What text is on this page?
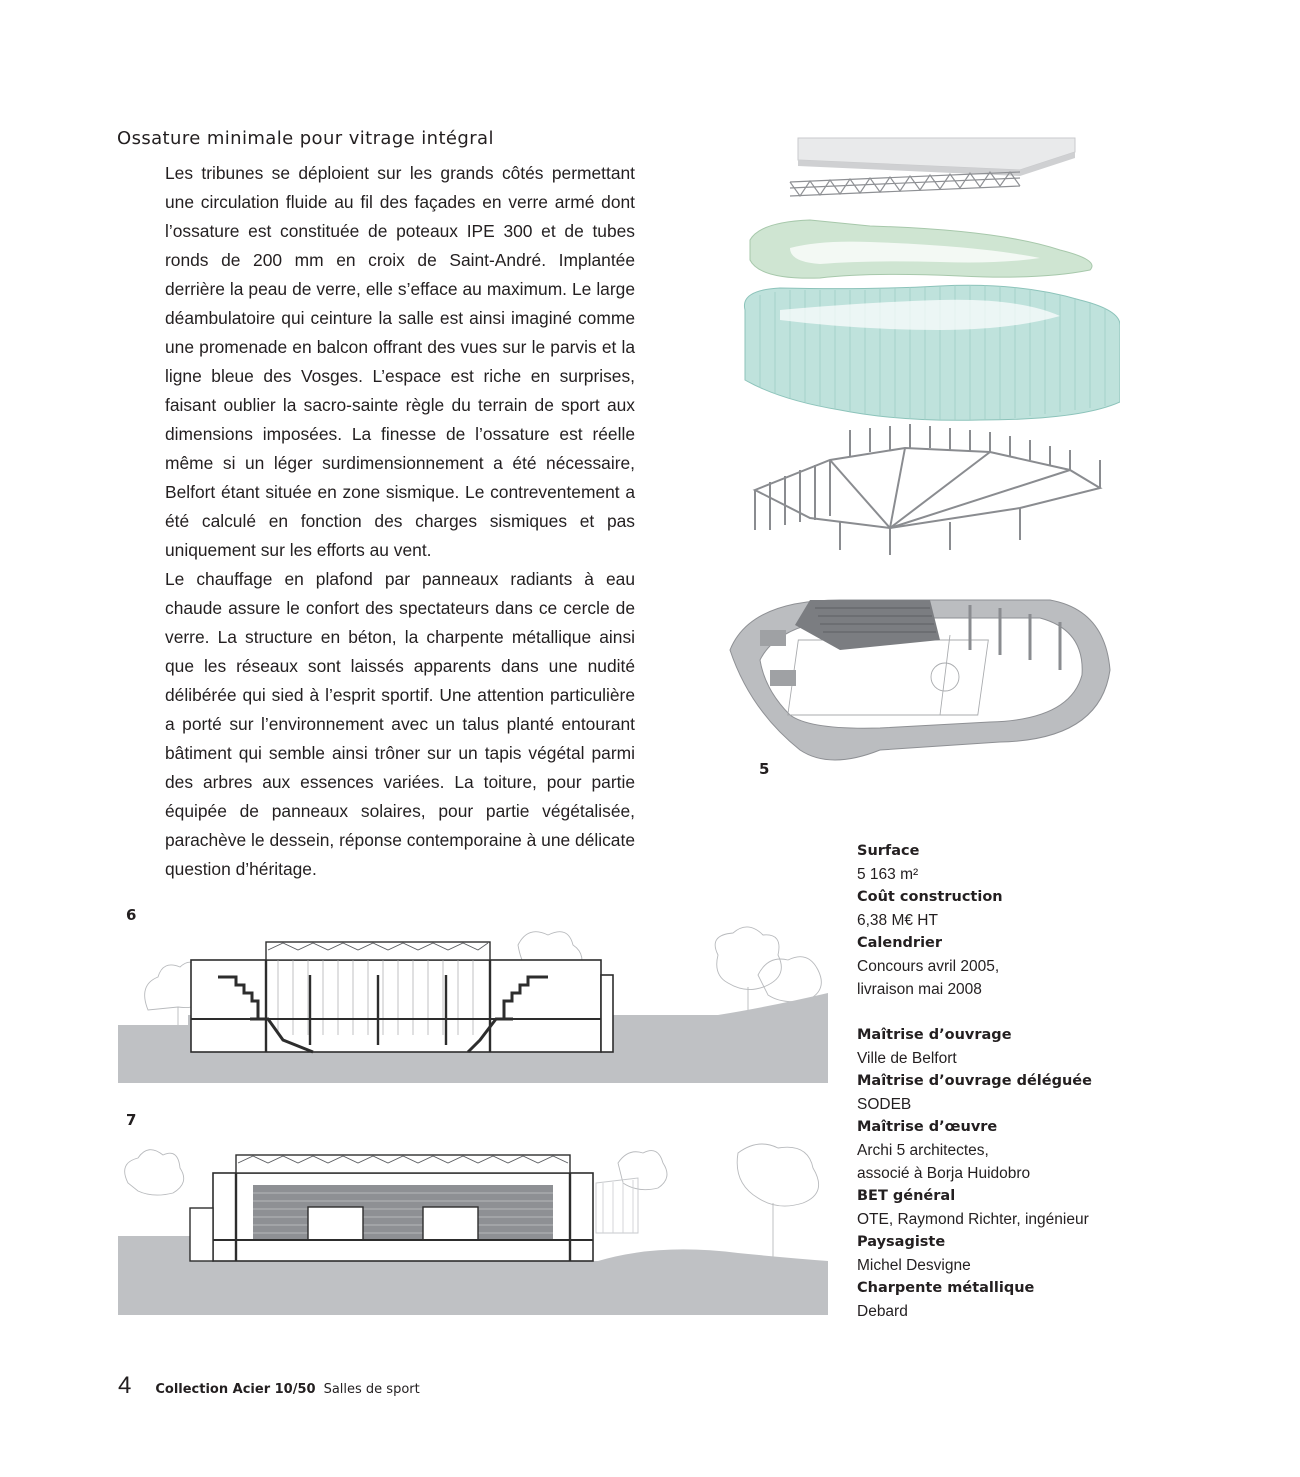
Ossature minimale pour vitrage intégral

Les tribunes se déploient sur les grands côtés permettant une circulation fluide au fil des façades en verre armé dont l’ossature est constituée de poteaux IPE 300 et de tubes ronds de 200 mm en croix de Saint-André. Implantée derrière la peau de verre, elle s’efface au maximum. Le large déambulatoire qui ceinture la salle est ainsi imaginé comme une promenade en balcon offrant des vues sur le parvis et la ligne bleue des Vosges. L’espace est riche en surprises, faisant oublier la sacro-sainte règle du terrain de sport aux dimensions imposées. La finesse de l’ossature est réelle même si un léger surdimensionnement a été nécessaire, Belfort étant située en zone sismique. Le contreventement a été calculé en fonction des charges sismiques et pas uniquement sur les efforts au vent.

Le chauffage en plafond par panneaux radiants à eau chaude assure le confort des spectateurs dans ce cercle de verre. La structure en béton, la charpente métallique ainsi que les réseaux sont laissés apparents dans une nudité délibérée qui sied à l’esprit sportif. Une attention particulière a porté sur l’environnement avec un talus planté entourant bâtiment qui semble ainsi trôner sur un tapis végétal parmi des arbres aux essences variées. La toiture, pour partie équipée de panneaux solaires, pour partie végétalisée, parachève le dessein, réponse contemporaine à une délicate question d’héritage.

5
6
7
Surface
5 163 m²
Coût construction
6,38 M€ HT
Calendrier
Concours avril 2005,
livraison mai 2008
Maîtrise d’ouvrage
Ville de Belfort
Maîtrise d’ouvrage déléguée
SODEB
Maîtrise d’œuvre
Archi 5 architectes,
associé à Borja Huidobro
BET général
OTE, Raymond Richter, ingénieur
Paysagiste
Michel Desvigne
Charpente métallique
Debard
4 Collection Acier 10/50 Salles de sport
